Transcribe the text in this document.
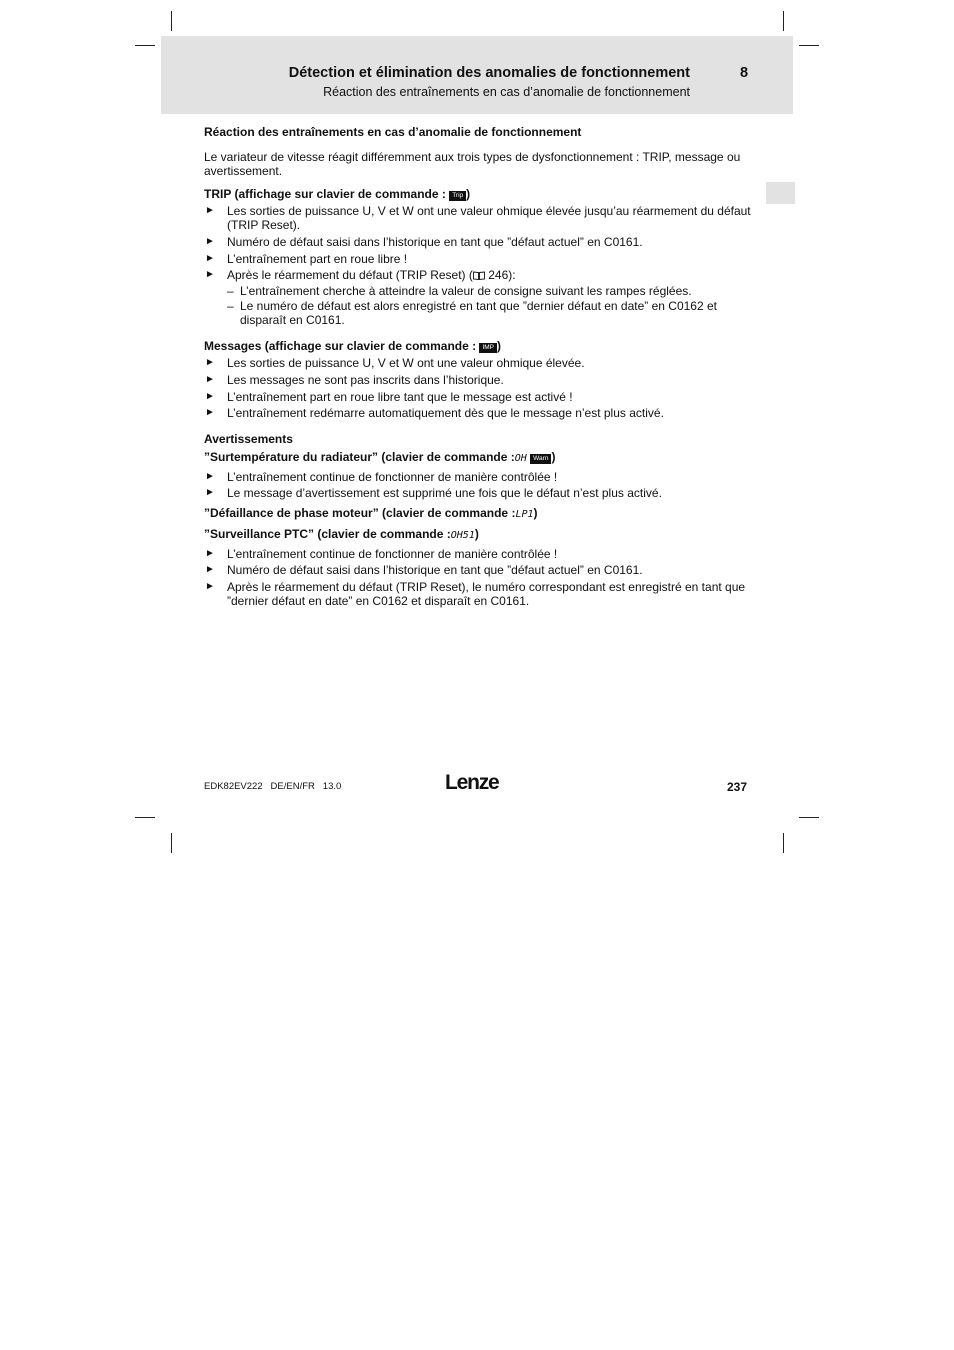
Détection et élimination des anomalies de fonctionnement	8
Réaction des entraînements en cas d’anomalie de fonctionnement

Réaction des entraînements en cas d’anomalie de fonctionnement

Le variateur de vitesse réagit différemment aux trois types de dysfonctionnement : TRIP, message ou avertissement.

TRIP (affichage sur clavier de commande : Trip )

► Les sorties de puissance U, V et W ont une valeur ohmique élevée jusqu’au réarmement du défaut (TRIP Reset).
► Numéro de défaut saisi dans l’historique en tant que ”défaut actuel” en C0161.
► L’entraînement part en roue libre !
► Après le réarmement du défaut (TRIP Reset) ( 246):
– L’entraînement cherche à atteindre la valeur de consigne suivant les rampes réglées.
– Le numéro de défaut est alors enregistré en tant que ”dernier défaut en date” en C0162 et disparaît en C0161.

Messages (affichage sur clavier de commande : IMP )

► Les sorties de puissance U, V et W ont une valeur ohmique élevée.
► Les messages ne sont pas inscrits dans l’historique.
► L’entraînement part en roue libre tant que le message est activé !
► L’entraînement redémarre automatiquement dès que le message n’est plus activé.

Avertissements

”Surtempérature du radiateur” (clavier de commande :OH Warn )

► L’entraînement continue de fonctionner de manière contrôlée !
► Le message d’avertissement est supprimé une fois que le défaut n’est plus activé.

”Défaillance de phase moteur” (clavier de commande :LP1)

”Surveillance PTC” (clavier de commande :OH51)

► L’entraînement continue de fonctionner de manière contrôlée !
► Numéro de défaut saisi dans l’historique en tant que ”défaut actuel” en C0161.
► Après le réarmement du défaut (TRIP Reset), le numéro correspondant est enregistré en tant que ”dernier défaut en date” en C0162 et disparaît en C0161.
EDK82EV222   DE/EN/FR   13.0	Lenze	237
